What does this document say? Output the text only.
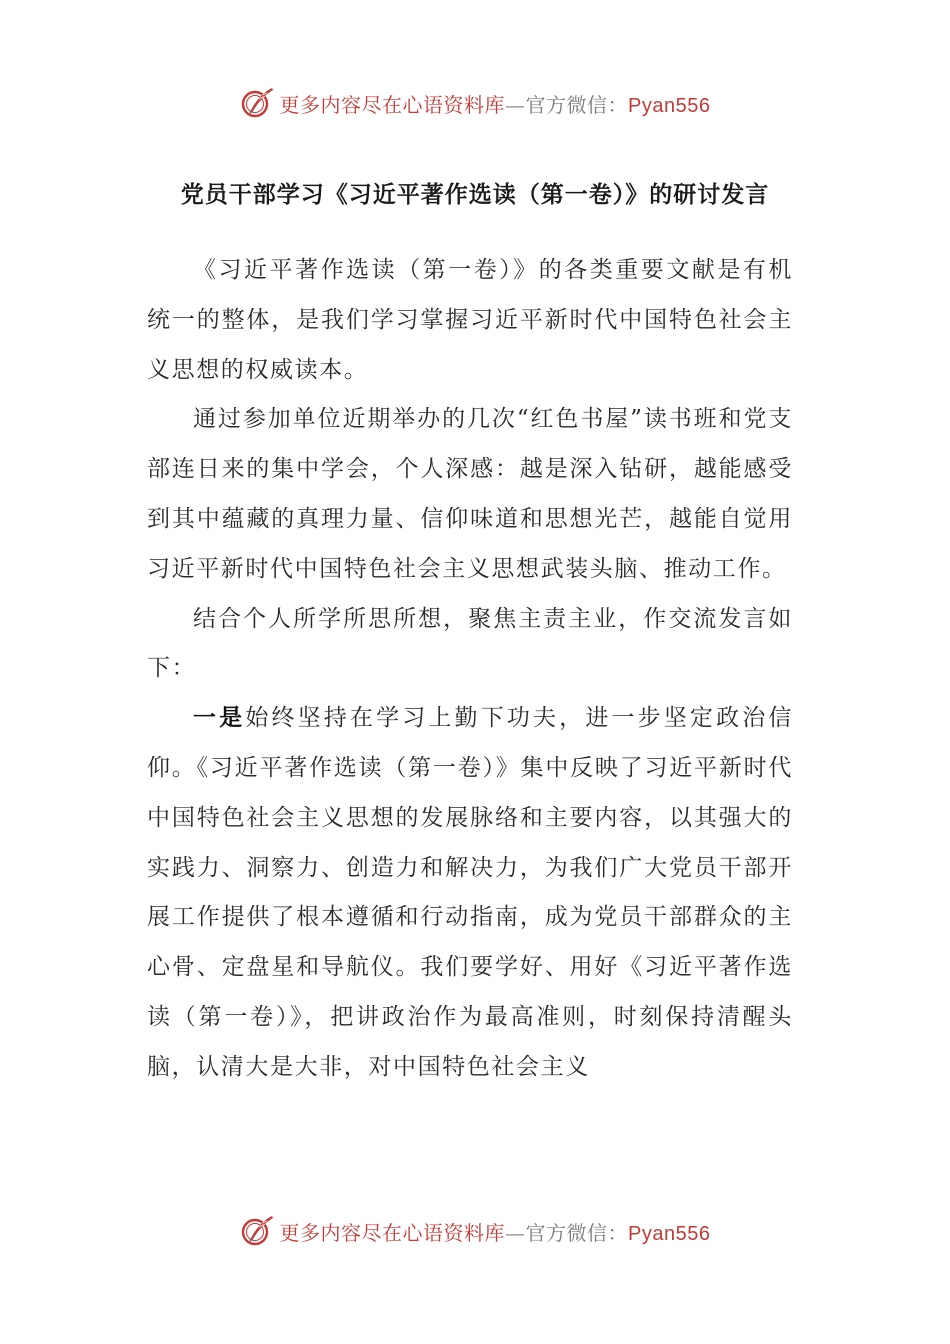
更多内容尽在心语资料库—官方微信：Pyan556
党员干部学习《习近平著作选读（第一卷）》的研讨发言

《习近平著作选读（第一卷）》的各类重要文献是有机统一的整体，是我们学习掌握习近平新时代中国特色社会主义思想的权威读本。

通过参加单位近期举办的几次“红色书屋”读书班和党支部连日来的集中学会，个人深感：越是深入钻研，越能感受到其中蕴藏的真理力量、信仰味道和思想光芒，越能自觉用习近平新时代中国特色社会主义思想武装头脑、推动工作。

结合个人所学所思所想，聚焦主责主业，作交流发言如下：

一是始终坚持在学习上勤下功夫，进一步坚定政治信仰。《习近平著作选读（第一卷）》集中反映了习近平新时代中国特色社会主义思想的发展脉络和主要内容，以其强大的实践力、洞察力、创造力和解决力，为我们广大党员干部开展工作提供了根本遵循和行动指南，成为党员干部群众的主心骨、定盘星和导航仪。我们要学好、用好《习近平著作选读（第一卷）》，把讲政治作为最高准则，时刻保持清醒头脑，认清大是大非，对中国特色社会主义

更多内容尽在心语资料库—官方微信：Pyan556
